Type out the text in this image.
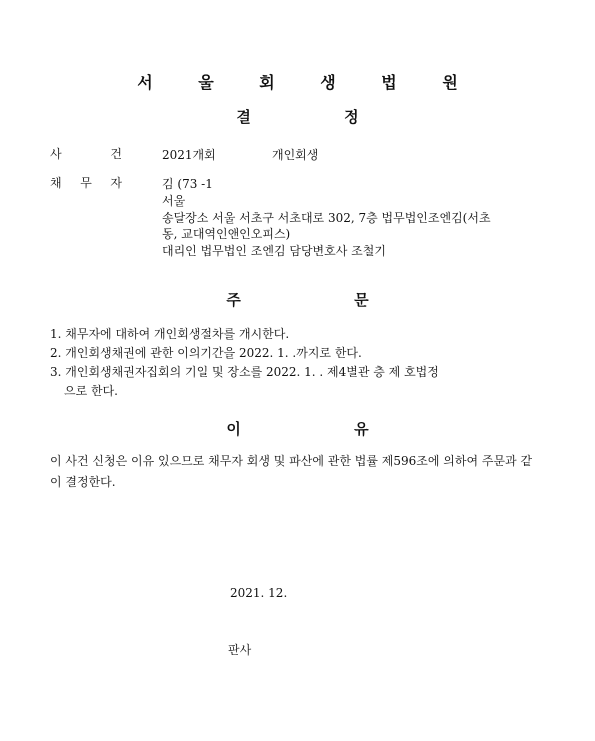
서 울 회 생 법 원
결 정
사	건	2021개회	개인회생
채 무 자	김 (73 -1
서울
송달장소 서울 서초구 서초대로 302, 7층 법무법인조엔김(서초
동, 교대역인앤인오피스)
대리인 법무법인 조엔김 담당변호사 조철기
주 문
1. 채무자에 대하여 개인회생절차를 개시한다.
2. 개인회생채권에 관한 이의기간을 2022. 1. .까지로 한다.
3. 개인회생채권자집회의 기일 및 장소를 2022. 1. . 제4별관 층 제 호법정
으로 한다.
이 유
이 사건 신청은 이유 있으므로 채무자 회생 및 파산에 관한 법률 제596조에 의하여 주문과 같이 결정한다.
2021. 12.
판사
